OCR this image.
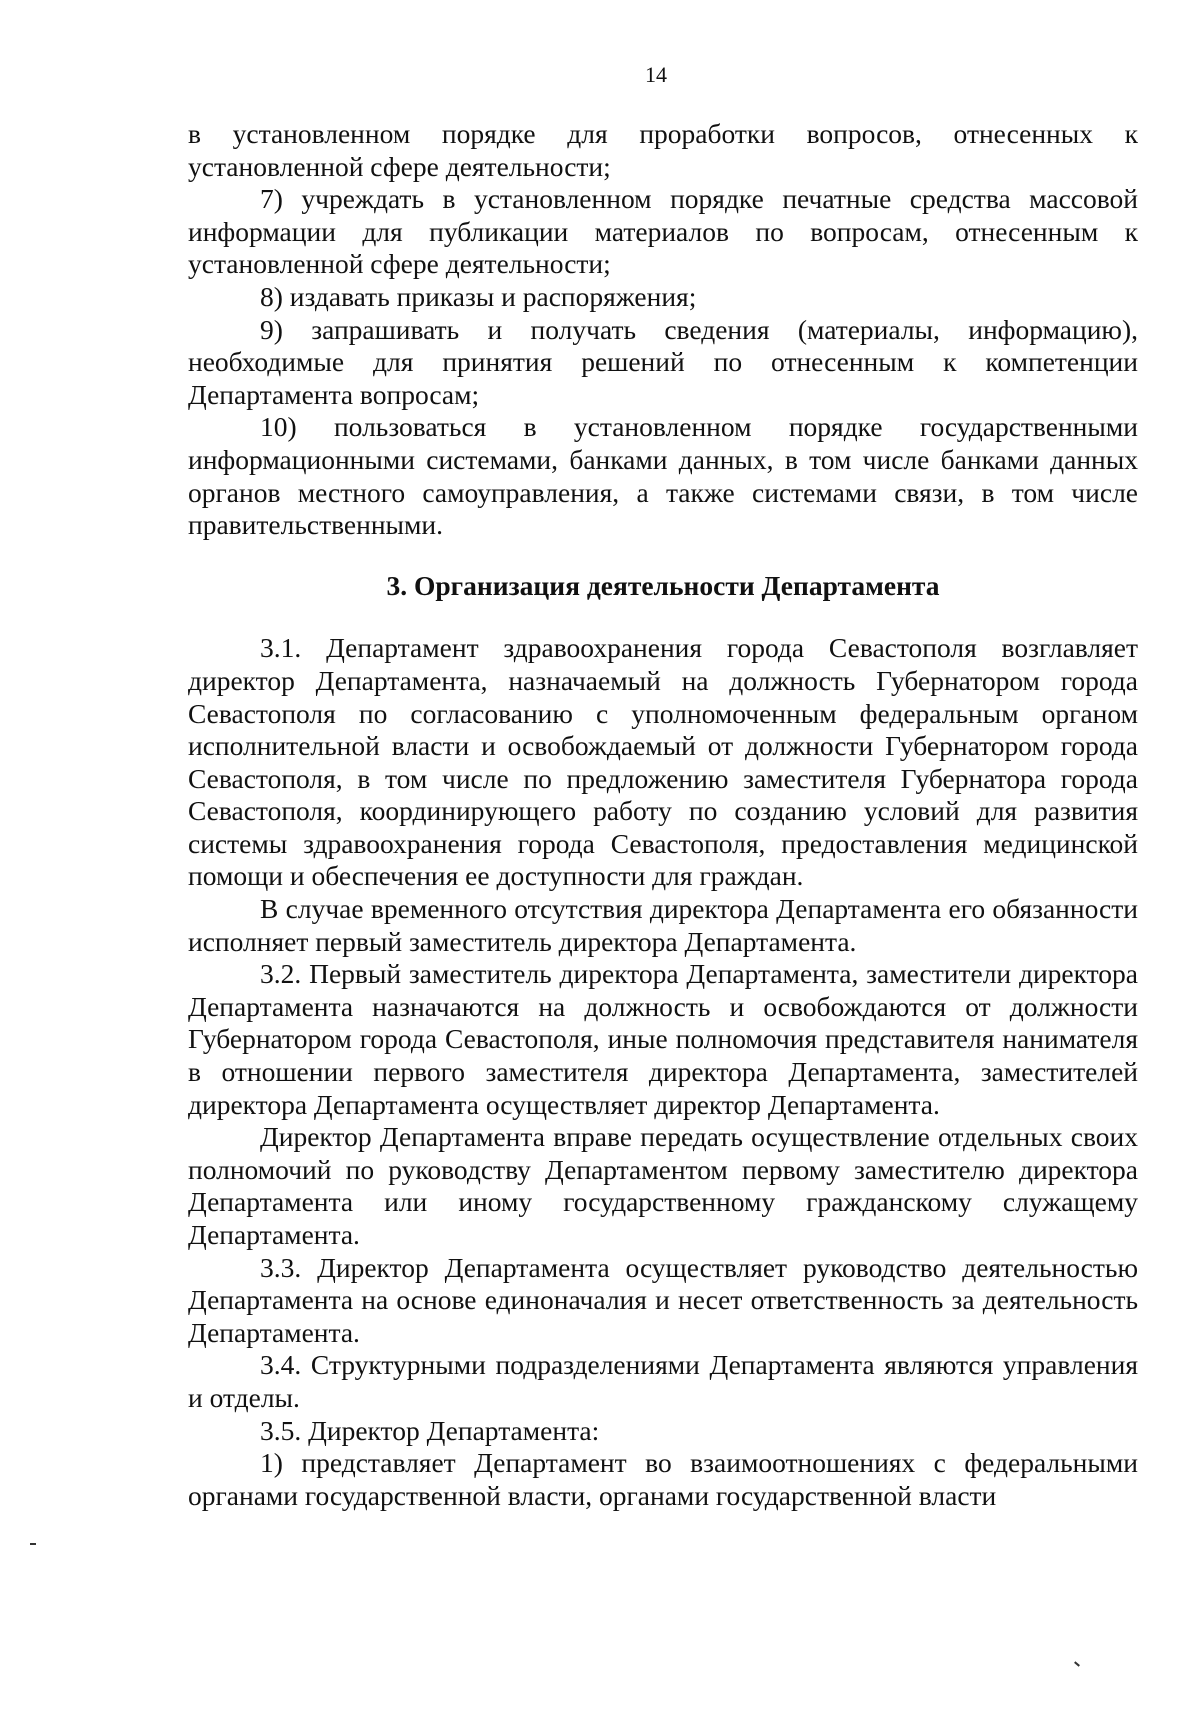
14

в установленном порядке для проработки вопросов, отнесенных к установленной сфере деятельности;

7) учреждать в установленном порядке печатные средства массовой информации для публикации материалов по вопросам, отнесенным к установленной сфере деятельности;

8) издавать приказы и распоряжения;

9) запрашивать и получать сведения (материалы, информацию), необходимые для принятия решений по отнесенным к компетенции Департамента вопросам;

10) пользоваться в установленном порядке государственными информационными системами, банками данных, в том числе банками данных органов местного самоуправления, а также системами связи, в том числе правительственными.

3. Организация деятельности Департамента

3.1. Департамент здравоохранения города Севастополя возглавляет директор Департамента, назначаемый на должность Губернатором города Севастополя по согласованию с уполномоченным федеральным органом исполнительной власти и освобождаемый от должности Губернатором города Севастополя, в том числе по предложению заместителя Губернатора города Севастополя, координирующего работу по созданию условий для развития системы здравоохранения города Севастополя, предоставления медицинской помощи и обеспечения ее доступности для граждан.

В случае временного отсутствия директора Департамента его обязанности исполняет первый заместитель директора Департамента.

3.2. Первый заместитель директора Департамента, заместители директора Департамента назначаются на должность и освобождаются от должности Губернатором города Севастополя, иные полномочия представителя нанимателя в отношении первого заместителя директора Департамента, заместителей директора Департамента осуществляет директор Департамента.

Директор Департамента вправе передать осуществление отдельных своих полномочий по руководству Департаментом первому заместителю директора Департамента или иному государственному гражданскому служащему Департамента.

3.3. Директор Департамента осуществляет руководство деятельностью Департамента на основе единоначалия и несет ответственность за деятельность Департамента.

3.4. Структурными подразделениями Департамента являются управления и отделы.

3.5. Директор Департамента:

1) представляет Департамент во взаимоотношениях с федеральными органами государственной власти, органами государственной власти
